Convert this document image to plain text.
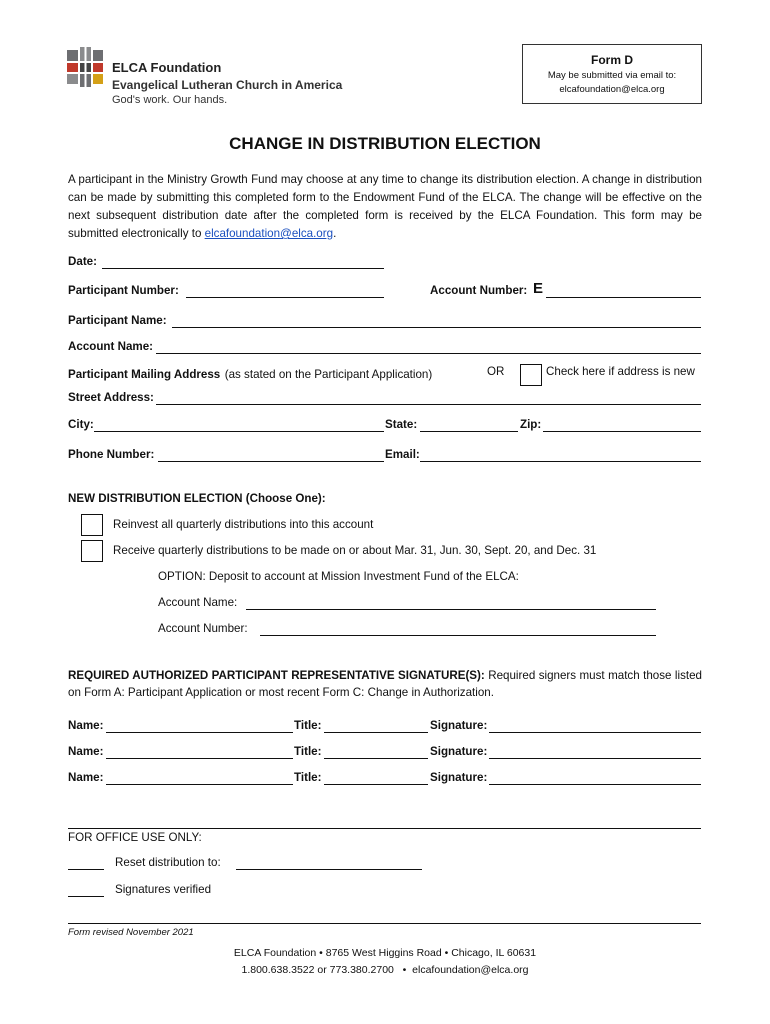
ELCA Foundation
Evangelical Lutheran Church in America
God's work. Our hands.
Form D
May be submitted via email to:
elcafoundation@elca.org
CHANGE IN DISTRIBUTION ELECTION
A participant in the Ministry Growth Fund may choose at any time to change its distribution election. A change in distribution can be made by submitting this completed form to the Endowment Fund of the ELCA. The change will be effective on the next subsequent distribution date after the completed form is received by the ELCA Foundation. This form may be submitted electronically to elcafoundation@elca.org.
Date:
Participant Number:	Account Number: E
Participant Name:
Account Name:
Participant Mailing Address (as stated on the Participant Application)	OR	Check here if address is new
Street Address:
City:	State:	Zip:
Phone Number:	Email:
NEW DISTRIBUTION ELECTION (Choose One):
Reinvest all quarterly distributions into this account
Receive quarterly distributions to be made on or about Mar. 31, Jun. 30, Sept. 20, and Dec. 31
OPTION: Deposit to account at Mission Investment Fund of the ELCA:
Account Name:
Account Number:
REQUIRED AUTHORIZED PARTICIPANT REPRESENTATIVE SIGNATURE(S): Required signers must match those listed on Form A: Participant Application or most recent Form C: Change in Authorization.
Name:	Title:	Signature:
Name:	Title:	Signature:
Name:	Title:	Signature:
FOR OFFICE USE ONLY:
Reset distribution to:
Signatures verified
Form revised November 2021
ELCA Foundation • 8765 West Higgins Road • Chicago, IL 60631
1.800.638.3522 or 773.380.2700 • elcafoundation@elca.org
